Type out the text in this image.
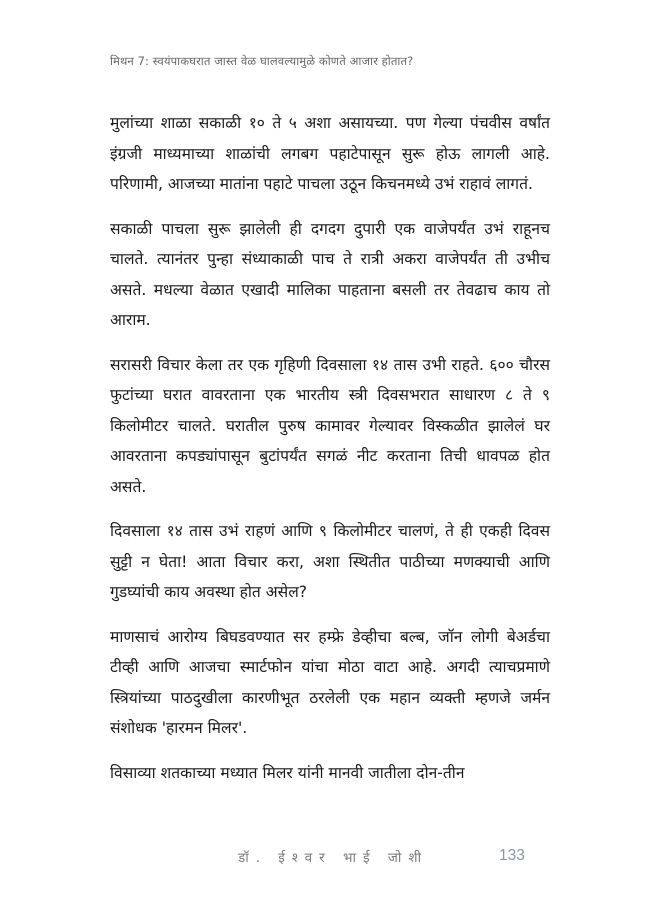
मिथन 7: स्वयंपाकघरात जास्त वेळ घालवल्यामुळे कोणते आजार होतात?

मुलांच्या शाळा सकाळी १० ते ५ अशा असायच्या. पण गेल्या पंचवीस वर्षांत इंग्रजी माध्यमाच्या शाळांची लगबग पहाटेपासून सुरू होऊ लागली आहे. परिणामी, आजच्या मातांना पहाटे पाचला उठून किचनमध्ये उभं राहावं लागतं.

सकाळी पाचला सुरू झालेली ही दगदग दुपारी एक वाजेपर्यंत उभं राहूनच चालते. त्यानंतर पुन्हा संध्याकाळी पाच ते रात्री अकरा वाजेपर्यंत ती उभीच असते. मधल्या वेळात एखादी मालिका पाहताना बसली तर तेवढाच काय तो आराम.

सरासरी विचार केला तर एक गृहिणी दिवसाला १४ तास उभी राहते. ६०० चौरस फुटांच्या घरात वावरताना एक भारतीय स्त्री दिवसभरात साधारण ८ ते ९ किलोमीटर चालते. घरातील पुरुष कामावर गेल्यावर विस्कळीत झालेलं घर आवरताना कपड्यांपासून बुटांपर्यंत सगळं नीट करताना तिची धावपळ होत असते.

दिवसाला १४ तास उभं राहणं आणि ९ किलोमीटर चालणं, ते ही एकही दिवस सुट्टी न घेता! आता विचार करा, अशा स्थितीत पाठीच्या मणक्याची आणि गुडघ्यांची काय अवस्था होत असेल?

माणसाचं आरोग्य बिघडवण्यात सर हम्फ्रे डेव्हीचा बल्ब, जॉन लोगी बेअर्डचा टीव्ही आणि आजचा स्मार्टफोन यांचा मोठा वाटा आहे. अगदी त्याचप्रमाणे स्त्रियांच्या पाठदुखीला कारणीभूत ठरलेली एक महान व्यक्ती म्हणजे जर्मन संशोधक 'हारमन मिलर'.

विसाव्या शतकाच्या मध्यात मिलर यांनी मानवी जातीला दोन-तीन

डॉ. ईश्वर भाई जोशी	133
